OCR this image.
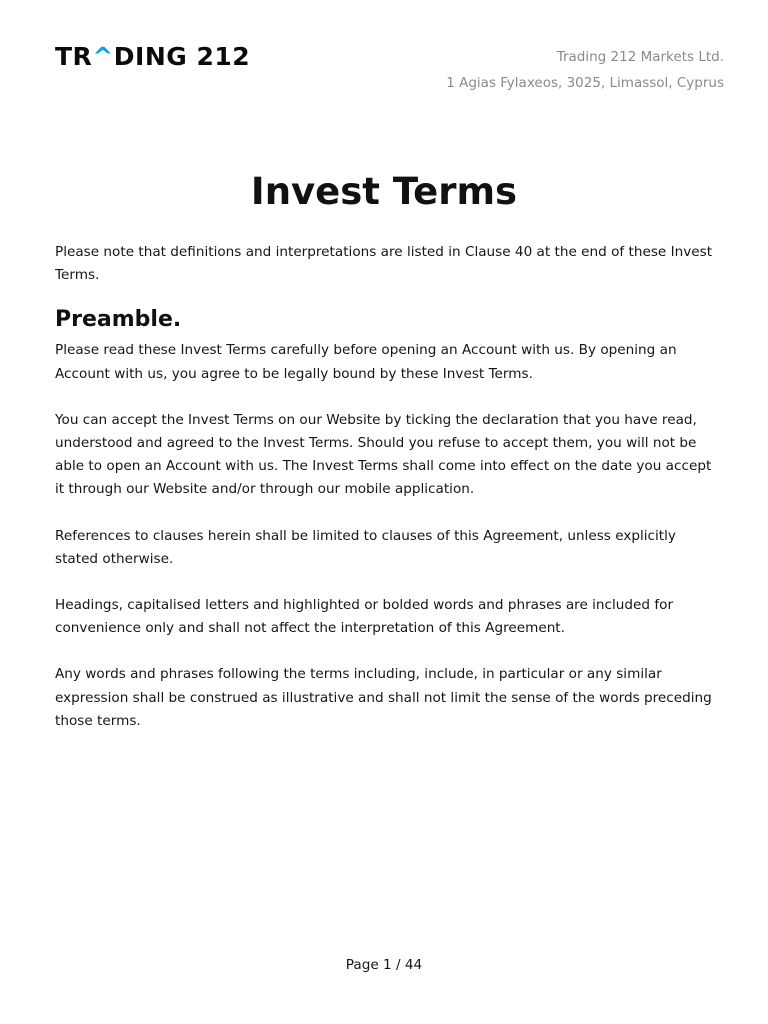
TR^DING 212	Trading 212 Markets Ltd.
1 Agias Fylaxeos, 3025, Limassol, Cyprus
Invest Terms

Please note that definitions and interpretations are listed in Clause 40 at the end of these Invest Terms.

Preamble.

Please read these Invest Terms carefully before opening an Account with us. By opening an Account with us, you agree to be legally bound by these Invest Terms.

You can accept the Invest Terms on our Website by ticking the declaration that you have read, understood and agreed to the Invest Terms. Should you refuse to accept them, you will not be able to open an Account with us. The Invest Terms shall come into effect on the date you accept it through our Website and/or through our mobile application.

References to clauses herein shall be limited to clauses of this Agreement, unless explicitly stated otherwise.

Headings, capitalised letters and highlighted or bolded words and phrases are included for convenience only and shall not affect the interpretation of this Agreement.

Any words and phrases following the terms including, include, in particular or any similar expression shall be construed as illustrative and shall not limit the sense of the words preceding those terms.

Page 1 / 44
